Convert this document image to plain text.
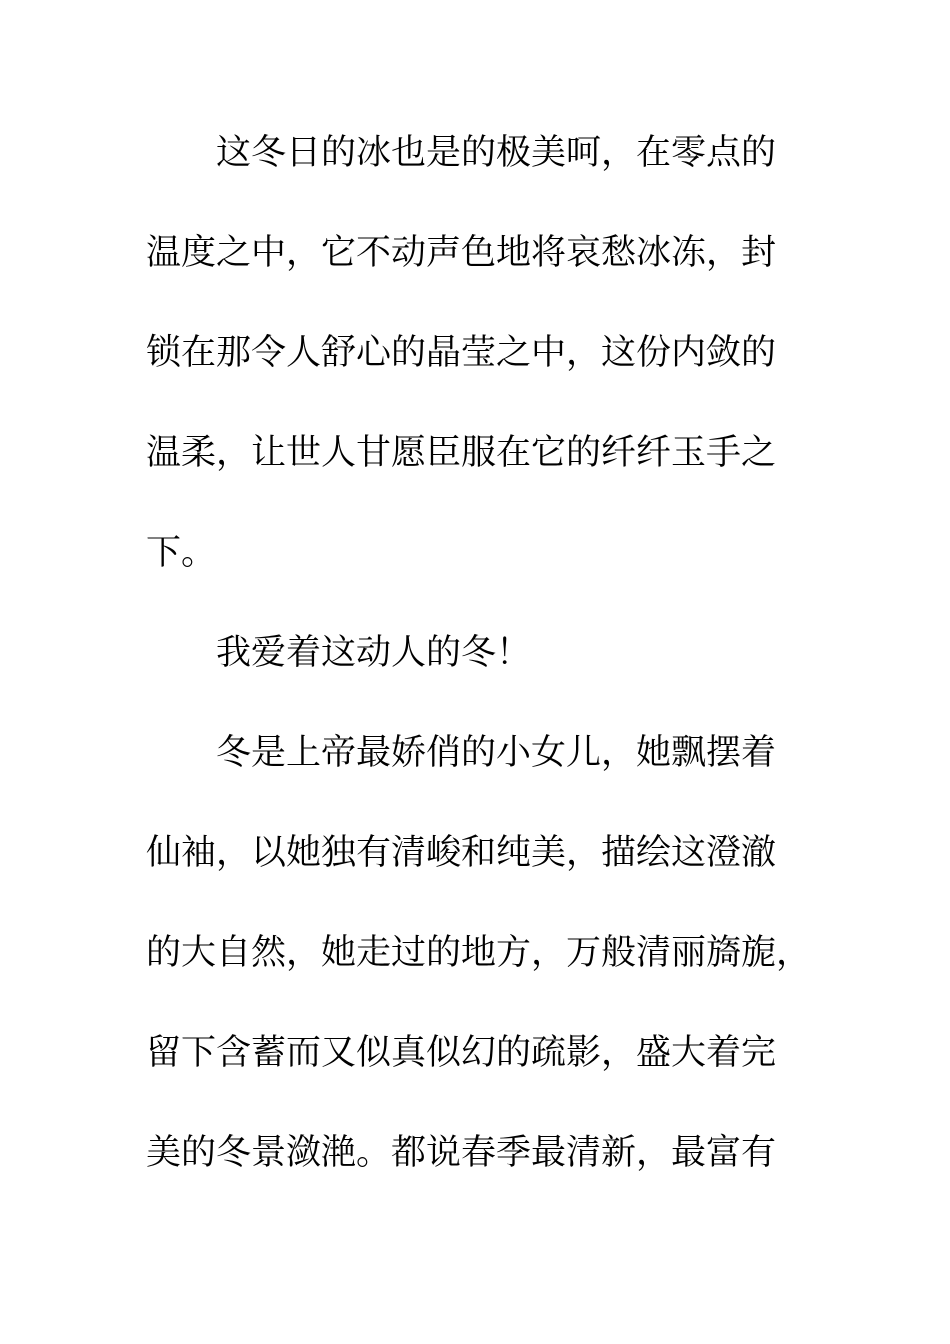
这冬日的冰也是的极美呵，在零点的
温度之中，它不动声色地将哀愁冰冻，封
锁在那令人舒心的晶莹之中，这份内敛的
温柔，让世人甘愿臣服在它的纤纤玉手之
下。
我爱着这动人的冬！
冬是上帝最娇俏的小女儿，她飘摆着
仙袖，以她独有清峻和纯美，描绘这澄澈
的大自然，她走过的地方，万般清丽旖旎，
留下含蓄而又似真似幻的疏影，盛大着完
美的冬景潋滟。都说春季最清新，最富有
